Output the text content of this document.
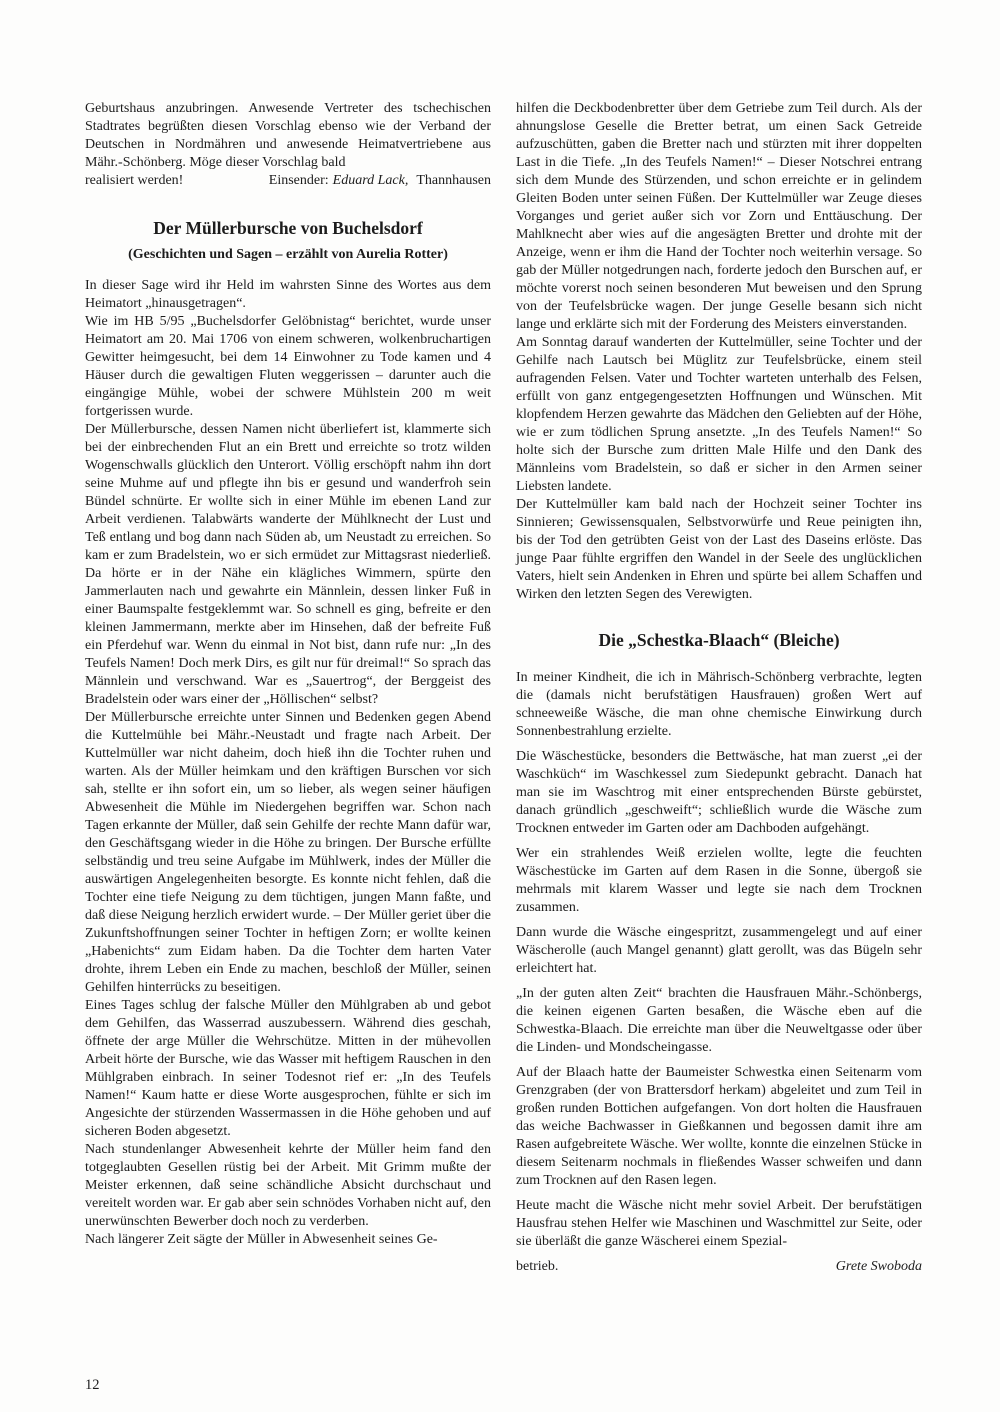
Geburtshaus anzubringen. Anwesende Vertreter des tschechischen Stadtrates begrüßten diesen Vorschlag ebenso wie der Verband der Deutschen in Nordmähren und anwesende Heimatvertriebene aus Mähr.-Schönberg. Möge dieser Vorschlag bald

realisiert werden!	Einsender: Eduard Lack, Thannhausen
Der Müllerbursche von Buchelsdorf
(Geschichten und Sagen – erzählt von Aurelia Rotter)

In dieser Sage wird ihr Held im wahrsten Sinne des Wortes aus dem Heimatort „hinausgetragen“.

Wie im HB 5/95 „Buchelsdorfer Gelöbnistag“ berichtet, wurde unser Heimatort am 20. Mai 1706 von einem schweren, wolkenbruchartigen Gewitter heimgesucht, bei dem 14 Einwohner zu Tode kamen und 4 Häuser durch die gewaltigen Fluten weggerissen – darunter auch die eingängige Mühle, wobei der schwere Mühlstein 200 m weit fortgerissen wurde.

Der Müllerbursche, dessen Namen nicht überliefert ist, klammerte sich bei der einbrechenden Flut an ein Brett und erreichte so trotz wilden Wogenschwalls glücklich den Unterort. Völlig erschöpft nahm ihn dort seine Muhme auf und pflegte ihn bis er gesund und wanderfroh sein Bündel schnürte. Er wollte sich in einer Mühle im ebenen Land zur Arbeit verdienen. Talabwärts wanderte der Mühlknecht der Lust und Teß entlang und bog dann nach Süden ab, um Neustadt zu erreichen. So kam er zum Bradelstein, wo er sich ermüdet zur Mittagsrast niederließ. Da hörte er in der Nähe ein klägliches Wimmern, spürte den Jammerlauten nach und gewahrte ein Männlein, dessen linker Fuß in einer Baumspalte festgeklemmt war. So schnell es ging, befreite er den kleinen Jammermann, merkte aber im Hinsehen, daß der befreite Fuß ein Pferdehuf war. Wenn du einmal in Not bist, dann rufe nur: „In des Teufels Namen! Doch merk Dirs, es gilt nur für dreimal!“ So sprach das Männlein und verschwand. War es „Sauertrog“, der Berggeist des Bradelstein oder wars einer der „Höllischen“ selbst?

Der Müllerbursche erreichte unter Sinnen und Bedenken gegen Abend die Kuttelmühle bei Mähr.-Neustadt und fragte nach Arbeit. Der Kuttelmüller war nicht daheim, doch hieß ihn die Tochter ruhen und warten. Als der Müller heimkam und den kräftigen Burschen vor sich sah, stellte er ihn sofort ein, um so lieber, als wegen seiner häufigen Abwesenheit die Mühle im Niedergehen begriffen war. Schon nach Tagen erkannte der Müller, daß sein Gehilfe der rechte Mann dafür war, den Geschäftsgang wieder in die Höhe zu bringen. Der Bursche erfüllte selbständig und treu seine Aufgabe im Mühlwerk, indes der Müller die auswärtigen Angelegenheiten besorgte. Es konnte nicht fehlen, daß die Tochter eine tiefe Neigung zu dem tüchtigen, jungen Mann faßte, und daß diese Neigung herzlich erwidert wurde. – Der Müller geriet über die Zukunftshoffnungen seiner Tochter in heftigen Zorn; er wollte keinen „Habenichts“ zum Eidam haben. Da die Tochter dem harten Vater drohte, ihrem Leben ein Ende zu machen, beschloß der Müller, seinen Gehilfen hinterrücks zu beseitigen.

Eines Tages schlug der falsche Müller den Mühlgraben ab und gebot dem Gehilfen, das Wasserrad auszubessern. Während dies geschah, öffnete der arge Müller die Wehrschütze. Mitten in der mühevollen Arbeit hörte der Bursche, wie das Wasser mit heftigem Rauschen in den Mühlgraben einbrach. In seiner Todesnot rief er: „In des Teufels Namen!“ Kaum hatte er diese Worte ausgesprochen, fühlte er sich im Angesichte der stürzenden Wassermassen in die Höhe gehoben und auf sicheren Boden abgesetzt.

Nach stundenlanger Abwesenheit kehrte der Müller heim fand den totgeglaubten Gesellen rüstig bei der Arbeit. Mit Grimm mußte der Meister erkennen, daß seine schändliche Absicht durchschaut und vereitelt worden war. Er gab aber sein schnödes Vorhaben nicht auf, den unerwünschten Bewerber doch noch zu verderben.

Nach längerer Zeit sägte der Müller in Abwesenheit seines Ge-

hilfen die Deckbodenbretter über dem Getriebe zum Teil durch. Als der ahnungslose Geselle die Bretter betrat, um einen Sack Getreide aufzuschütten, gaben die Bretter nach und stürzten mit ihrer doppelten Last in die Tiefe. „In des Teufels Namen!“ – Dieser Notschrei entrang sich dem Munde des Stürzenden, und schon erreichte er in gelindem Gleiten Boden unter seinen Füßen. Der Kuttelmüller war Zeuge dieses Vorganges und geriet außer sich vor Zorn und Enttäuschung. Der Mahlknecht aber wies auf die angesägten Bretter und drohte mit der Anzeige, wenn er ihm die Hand der Tochter noch weiterhin versage. So gab der Müller notgedrungen nach, forderte jedoch den Burschen auf, er möchte vorerst noch seinen besonderen Mut beweisen und den Sprung von der Teufelsbrücke wagen. Der junge Geselle besann sich nicht lange und erklärte sich mit der Forderung des Meisters einverstanden.

Am Sonntag darauf wanderten der Kuttelmüller, seine Tochter und der Gehilfe nach Lautsch bei Müglitz zur Teufelsbrücke, einem steil aufragenden Felsen. Vater und Tochter warteten unterhalb des Felsen, erfüllt von ganz entgegengesetzten Hoffnungen und Wünschen. Mit klopfendem Herzen gewahrte das Mädchen den Geliebten auf der Höhe, wie er zum tödlichen Sprung ansetzte. „In des Teufels Namen!“ So holte sich der Bursche zum dritten Male Hilfe und den Dank des Männleins vom Bradelstein, so daß er sicher in den Armen seiner Liebsten landete.

Der Kuttelmüller kam bald nach der Hochzeit seiner Tochter ins Sinnieren; Gewissensqualen, Selbstvorwürfe und Reue peinigten ihn, bis der Tod den getrübten Geist von der Last des Daseins erlöste. Das junge Paar fühlte ergriffen den Wandel in der Seele des unglücklichen Vaters, hielt sein Andenken in Ehren und spürte bei allem Schaffen und Wirken den letzten Segen des Verewigten.

Die „Schestka-Blaach“ (Bleiche)

In meiner Kindheit, die ich in Mährisch-Schönberg verbrachte, legten die (damals nicht berufstätigen Hausfrauen) großen Wert auf schneeweiße Wäsche, die man ohne chemische Einwirkung durch Sonnenbestrahlung erzielte.

Die Wäschestücke, besonders die Bettwäsche, hat man zuerst „ei der Waschküch“ im Waschkessel zum Siedepunkt gebracht. Danach hat man sie im Waschtrog mit einer entsprechenden Bürste gebürstet, danach gründlich „geschweift“; schließlich wurde die Wäsche zum Trocknen entweder im Garten oder am Dachboden aufgehängt.

Wer ein strahlendes Weiß erzielen wollte, legte die feuchten Wäschestücke im Garten auf dem Rasen in die Sonne, übergoß sie mehrmals mit klarem Wasser und legte sie nach dem Trocknen zusammen.

Dann wurde die Wäsche eingespritzt, zusammengelegt und auf einer Wäscherolle (auch Mangel genannt) glatt gerollt, was das Bügeln sehr erleichtert hat.

„In der guten alten Zeit“ brachten die Hausfrauen Mähr.-Schönbergs, die keinen eigenen Garten besaßen, die Wäsche eben auf die Schwestka-Blaach. Die erreichte man über die Neuweltgasse oder über die Linden- und Mondscheingasse.

Auf der Blaach hatte der Baumeister Schwestka einen Seitenarm vom Grenzgraben (der von Brattersdorf herkam) abgeleitet und zum Teil in großen runden Bottichen aufgefangen. Von dort holten die Hausfrauen das weiche Bachwasser in Gießkannen und begossen damit ihre am Rasen aufgebreitete Wäsche. Wer wollte, konnte die einzelnen Stücke in diesem Seitenarm nochmals in fließendes Wasser schweifen und dann zum Trocknen auf den Rasen legen.

Heute macht die Wäsche nicht mehr soviel Arbeit. Der berufstätigen Hausfrau stehen Helfer wie Maschinen und Waschmittel zur Seite, oder sie überläßt die ganze Wäscherei einem Spezial-

betrieb.	Grete Swoboda
12
